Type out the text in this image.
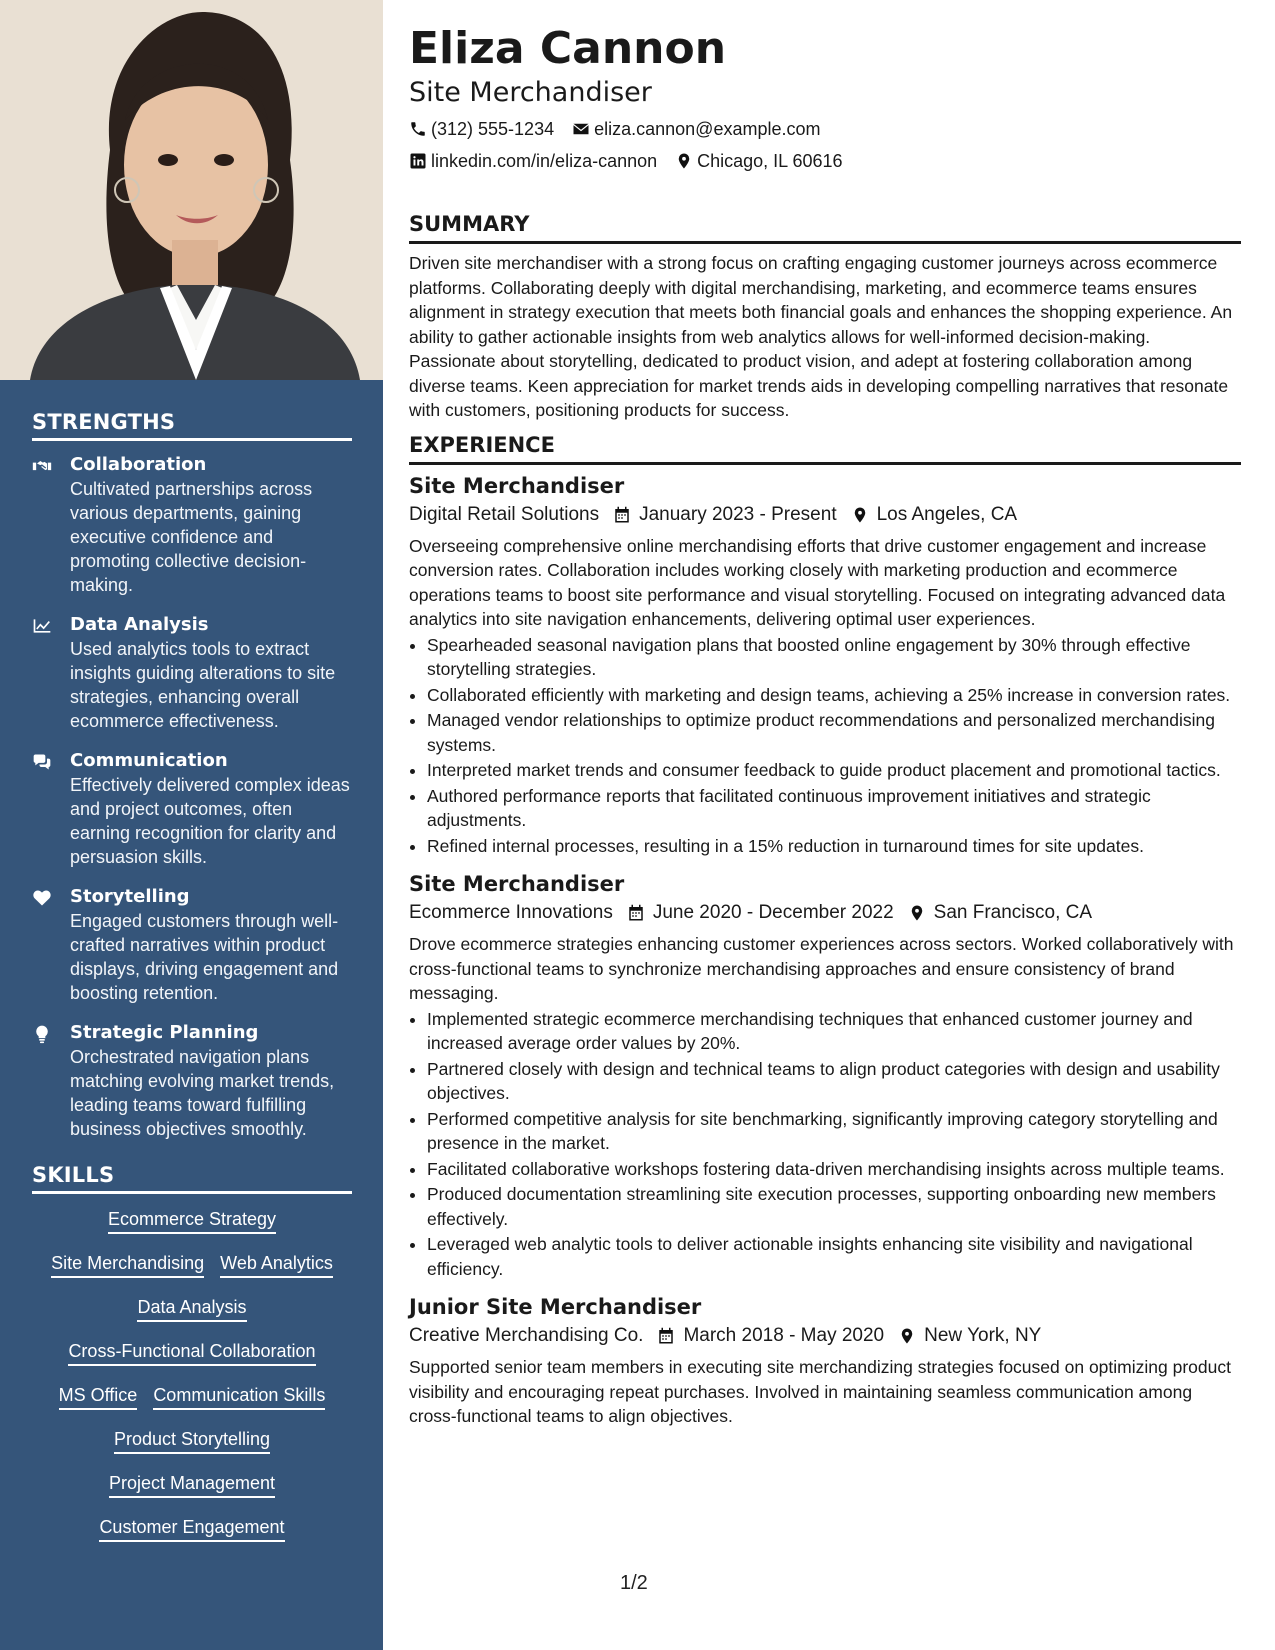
STRENGTHS
Collaboration
Cultivated partnerships across various departments, gaining executive confidence and promoting collective decision-making.
Data Analysis
Used analytics tools to extract insights guiding alterations to site strategies, enhancing overall ecommerce effectiveness.
Communication
Effectively delivered complex ideas and project outcomes, often earning recognition for clarity and persuasion skills.
Storytelling
Engaged customers through well-crafted narratives within product displays, driving engagement and boosting retention.
Strategic Planning
Orchestrated navigation plans matching evolving market trends, leading teams toward fulfilling business objectives smoothly.
SKILLS
Ecommerce Strategy
Site Merchandising Web Analytics
Data Analysis
Cross-Functional Collaboration
MS Office Communication Skills
Product Storytelling
Project Management
Customer Engagement
Eliza Cannon
Site Merchandiser
(312) 555-1234 eliza.cannon@example.com
linkedin.com/in/eliza-cannon Chicago, IL 60616
SUMMARY
Driven site merchandiser with a strong focus on crafting engaging customer journeys across ecommerce platforms. Collaborating deeply with digital merchandising, marketing, and ecommerce teams ensures alignment in strategy execution that meets both financial goals and enhances the shopping experience. An ability to gather actionable insights from web analytics allows for well-informed decision-making. Passionate about storytelling, dedicated to product vision, and adept at fostering collaboration among diverse teams. Keen appreciation for market trends aids in developing compelling narratives that resonate with customers, positioning products for success.
EXPERIENCE
Site Merchandiser
Digital Retail Solutions January 2023 - Present Los Angeles, CA
Overseeing comprehensive online merchandising efforts that drive customer engagement and increase conversion rates. Collaboration includes working closely with marketing production and ecommerce operations teams to boost site performance and visual storytelling. Focused on integrating advanced data analytics into site navigation enhancements, delivering optimal user experiences.
• Spearheaded seasonal navigation plans that boosted online engagement by 30% through effective storytelling strategies.
• Collaborated efficiently with marketing and design teams, achieving a 25% increase in conversion rates.
• Managed vendor relationships to optimize product recommendations and personalized merchandising systems.
• Interpreted market trends and consumer feedback to guide product placement and promotional tactics.
• Authored performance reports that facilitated continuous improvement initiatives and strategic adjustments.
• Refined internal processes, resulting in a 15% reduction in turnaround times for site updates.
Site Merchandiser
Ecommerce Innovations June 2020 - December 2022 San Francisco, CA
Drove ecommerce strategies enhancing customer experiences across sectors. Worked collaboratively with cross-functional teams to synchronize merchandising approaches and ensure consistency of brand messaging.
• Implemented strategic ecommerce merchandising techniques that enhanced customer journey and increased average order values by 20%.
• Partnered closely with design and technical teams to align product categories with design and usability objectives.
• Performed competitive analysis for site benchmarking, significantly improving category storytelling and presence in the market.
• Facilitated collaborative workshops fostering data-driven merchandising insights across multiple teams.
• Produced documentation streamlining site execution processes, supporting onboarding new members effectively.
• Leveraged web analytic tools to deliver actionable insights enhancing site visibility and navigational efficiency.
Junior Site Merchandiser
Creative Merchandising Co. March 2018 - May 2020 New York, NY
Supported senior team members in executing site merchandizing strategies focused on optimizing product visibility and encouraging repeat purchases. Involved in maintaining seamless communication among cross-functional teams to align objectives.
1/2
